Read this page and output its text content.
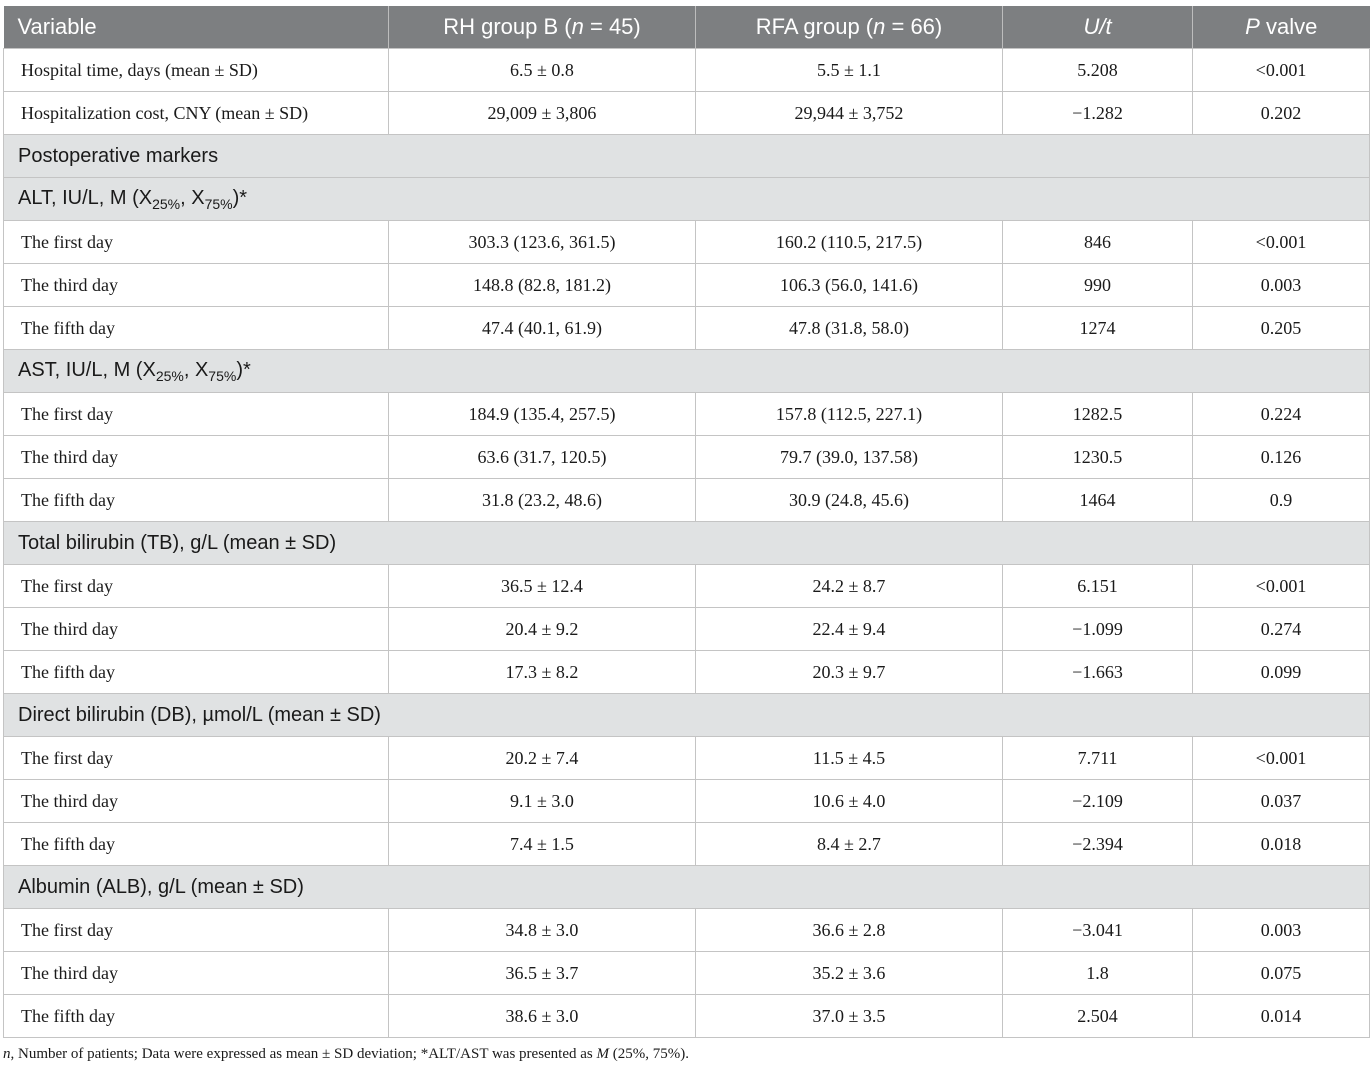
Variable	RH group B (n = 45)	RFA group (n = 66)	U/t	P valve
Hospital time, days (mean ± SD)	6.5 ± 0.8	5.5 ± 1.1	5.208	<0.001
Hospitalization cost, CNY (mean ± SD)	29,009 ± 3,806	29,944 ± 3,752	−1.282	0.202
Postoperative markers				
ALT, IU/L, M ($X_{25\%}$, $X_{75\%})*$				
The first day	303.3 (123.6, 361.5)	160.2 (110.5, 217.5)	846	<0.001
The third day	148.8 (82.8, 181.2)	106.3 (56.0, 141.6)	990	0.003
The fifth day	47.4 (40.1, 61.9)	47.8 (31.8, 58.0)	1274	0.205
AST, IU/L, M ($X_{25\%}$, $X_{75\%})*$				
The first day	184.9 (135.4, 257.5)	157.8 (112.5, 227.1)	1282.5	0.224
The third day	63.6 (31.7, 120.5)	79.7 (39.0, 137.58)	1230.5	0.126
The fifth day	31.8 (23.2, 48.6)	30.9 (24.8, 45.6)	1464	0.9
Total bilirubin (TB), g/L (mean ± SD)				
The first day	36.5 ± 12.4	24.2 ± 8.7	6.151	<0.001
The third day	20.4 ± 9.2	22.4 ± 9.4	−1.099	0.274
The fifth day	17.3 ± 8.2	20.3 ± 9.7	−1.663	0.099
Direct bilirubin (DB), µmol/L (mean ± SD)				
The first day	20.2 ± 7.4	11.5 ± 4.5	7.711	<0.001
The third day	9.1 ± 3.0	10.6 ± 4.0	−2.109	0.037
The fifth day	7.4 ± 1.5	8.4 ± 2.7	−2.394	0.018
Albumin (ALB), g/L (mean ± SD)				
The first day	34.8 ± 3.0	36.6 ± 2.8	−3.041	0.003
The third day	36.5 ± 3.7	35.2 ± 3.6	1.8	0.075
The fifth day	38.6 ± 3.0	37.0 ± 3.5	2.504	0.014
n, Number of patients; Data were expressed as mean ± SD deviation; *ALT/AST was presented as M (25%, 75%).
